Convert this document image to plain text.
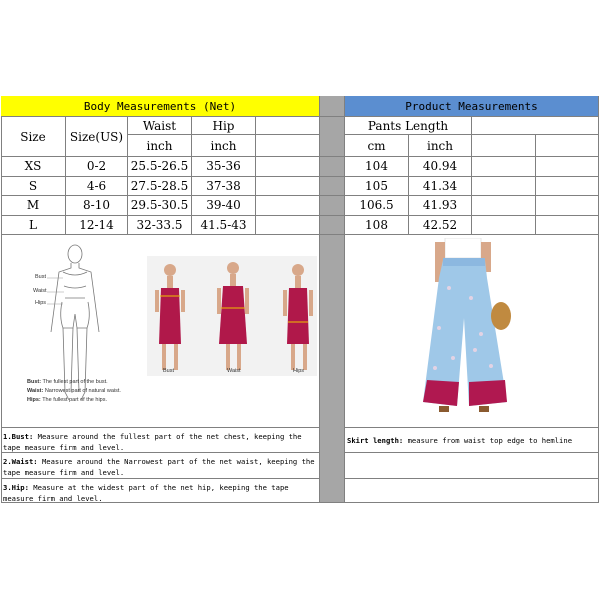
Body Measurements (Net)	Product Measurements
Size	Size(US)
Waist	Hip	Pants Length
inch	inch	cm	inch
XS	0-2	25.5-26.5	35-36	104	40.94
S	4-6	27.5-28.5	37-38	105	41.34
M	8-10	29.5-30.5	39-40	106.5	41.93
L	12-14	32-33.5	41.5-43	108	42.52
Bust
Waist
Hips
Bust: The fullest part of the bust.
Waist: Narrowest part of natural waist.
Hips: The fullest part of the hips.
Bust	Waist	Hips
1.Bust: Measure around the fullest part of the net chest, keeping the tape measure firm and level.
Skirt length: measure from waist top edge to hemline
2.Waist: Measure around the Narrowest part of the net waist, keeping the tape measure firm and level.
3.Hip: Measure at the widest part of the net hip, keeping the tape measure firm and level.
